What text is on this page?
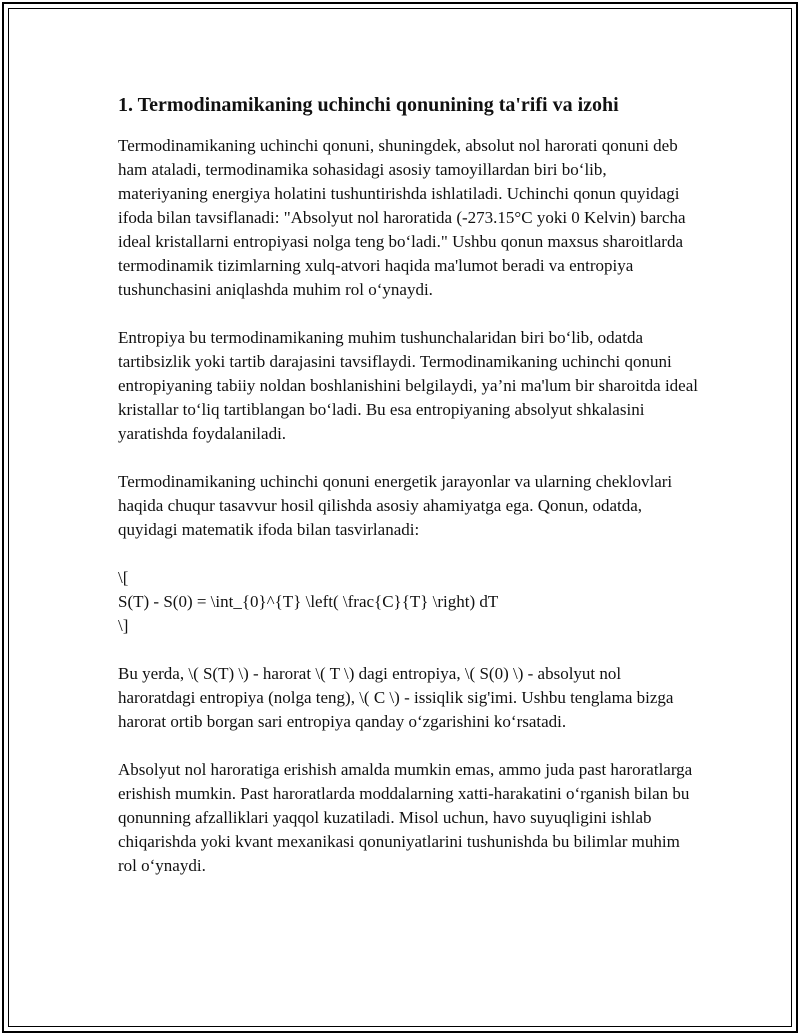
1. Termodinamikaning uchinchi qonunining ta'rifi va izohi

Termodinamikaning uchinchi qonuni, shuningdek, absolut nol harorati qonuni deb ham ataladi, termodinamika sohasidagi asosiy tamoyillardan biri bo‘lib, materiyaning energiya holatini tushuntirishda ishlatiladi. Uchinchi qonun quyidagi ifoda bilan tavsiflanadi: "Absolyut nol haroratida (-273.15°C yoki 0 Kelvin) barcha ideal kristallarni entropiyasi nolga teng bo‘ladi." Ushbu qonun maxsus sharoitlarda termodinamik tizimlarning xulq-atvori haqida ma'lumot beradi va entropiya tushunchasini aniqlashda muhim rol o‘ynaydi.

Entropiya bu termodinamikaning muhim tushunchalaridan biri bo‘lib, odatda tartibsizlik yoki tartib darajasini tavsiflaydi. Termodinamikaning uchinchi qonuni entropiyaning tabiiy noldan boshlanishini belgilaydi, ya’ni ma'lum bir sharoitda ideal kristallar to‘liq tartiblangan bo‘ladi. Bu esa entropiyaning absolyut shkalasini yaratishda foydalaniladi.

Termodinamikaning uchinchi qonuni energetik jarayonlar va ularning cheklovlari haqida chuqur tasavvur hosil qilishda asosiy ahamiyatga ega. Qonun, odatda, quyidagi matematik ifoda bilan tasvirlanadi:

\[
S(T) - S(0) = \int_{0}^{T} \left( \frac{C}{T} \right) dT
\]

Bu yerda, \( S(T) \) - harorat \( T \) dagi entropiya, \( S(0) \) - absolyut nol haroratdagi entropiya (nolga teng), \( C \) - issiqlik sig'imi. Ushbu tenglama bizga harorat ortib borgan sari entropiya qanday o‘zgarishini ko‘rsatadi.

Absolyut nol haroratiga erishish amalda mumkin emas, ammo juda past haroratlarga erishish mumkin. Past haroratlarda moddalarning xatti-harakatini o‘rganish bilan bu qonunning afzalliklari yaqqol kuzatiladi. Misol uchun, havo suyuqligini ishlab chiqarishda yoki kvant mexanikasi qonuniyatlarini tushunishda bu bilimlar muhim rol o‘ynaydi.
